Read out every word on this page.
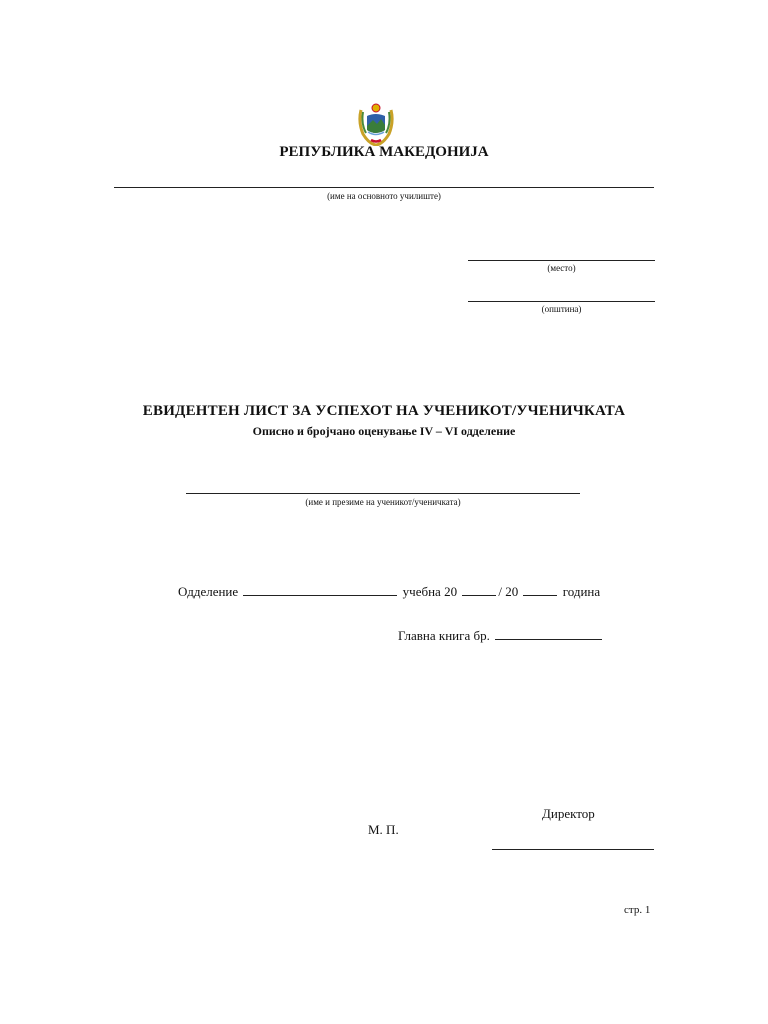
РЕПУБЛИКА МАКЕДОНИЈА
(име на основното училиште)
(место)
(општина)
ЕВИДЕНТЕН ЛИСТ ЗА УСПЕХОТ НА УЧЕНИКОТ/УЧЕНИЧКАТА
Описно и бројчано оценување IV – VI одделение
(име и презиме на ученикот/ученичката)
Одделение	учебна 20	/ 20	година
Главна книга бр.
Директор
М. П.
стр. 1
